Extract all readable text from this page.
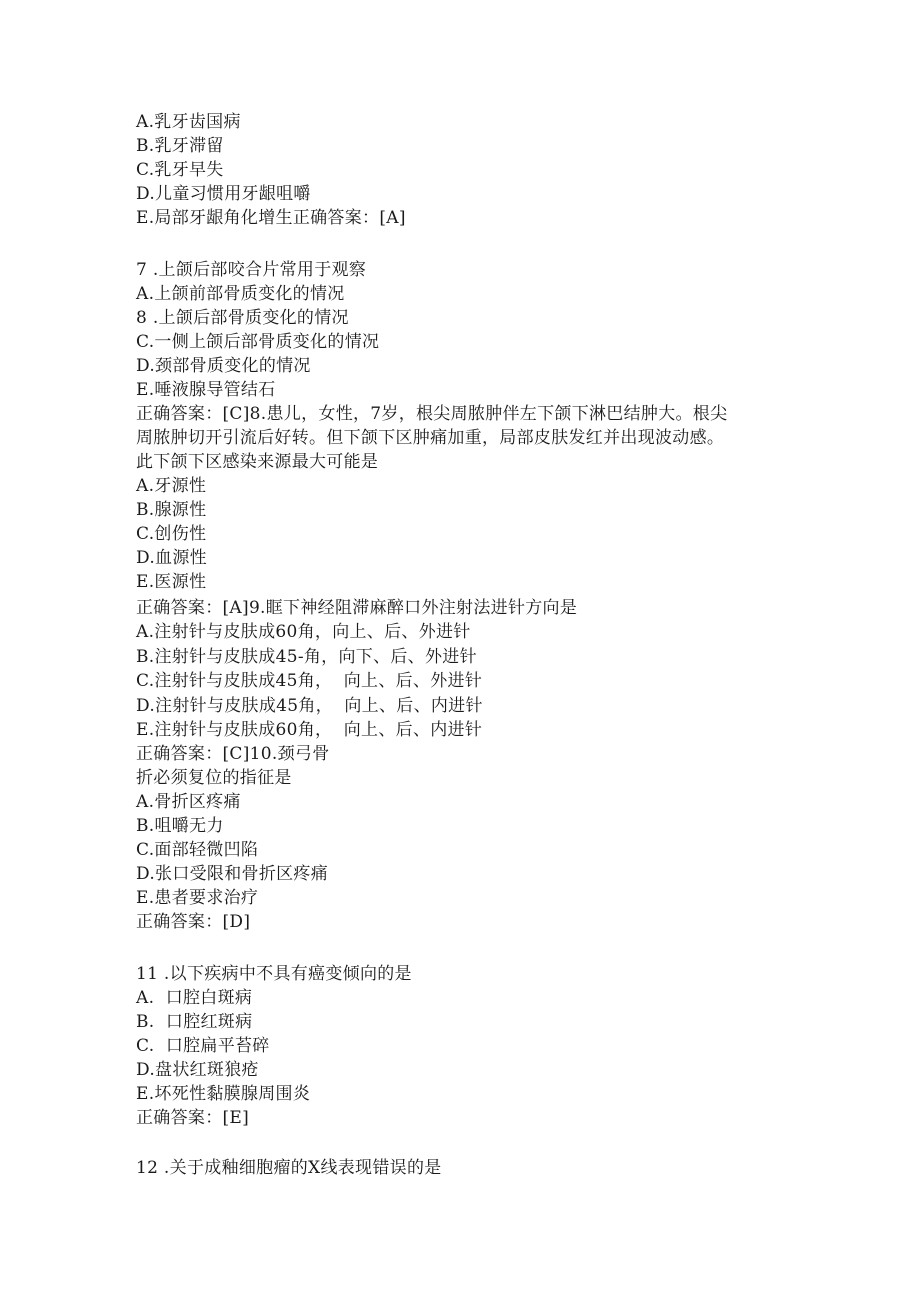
A.乳牙齿国病
B.乳牙滞留
C.乳牙早失
D.儿童习惯用牙龈咀嚼
E.局部牙龈角化增生正确答案：[A]
7 .上颌后部咬合片常用于观察
A.上颌前部骨质变化的情况
8 .上颌后部骨质变化的情况
C.一侧上颌后部骨质变化的情况
D.颈部骨质变化的情况
E.唾液腺导管结石
正确答案：[C]8.患儿，女性，7岁，根尖周脓肿伴左下颌下淋巴结肿大。根尖
周脓肿切开引流后好转。但下颌下区肿痛加重，局部皮肤发红并出现波动感。
此下颌下区感染来源最大可能是
A.牙源性
B.腺源性
C.创伤性
D.血源性
E.医源性
正确答案：[A]9.眶下神经阻滞麻醉口外注射法进针方向是
A.注射针与皮肤成60角，向上、后、外进针
B.注射针与皮肤成45-角，向下、后、外进针
C.注射针与皮肤成45角，  向上、后、外进针
D.注射针与皮肤成45角，  向上、后、内进针
E.注射针与皮肤成60角，  向上、后、内进针
正确答案：[C]10.颈弓骨
折必须复位的指征是
A.骨折区疼痛
B.咀嚼无力
C.面部轻微凹陷
D.张口受限和骨折区疼痛
E.患者要求治疗
正确答案：[D]
11 .以下疾病中不具有癌变倾向的是
A.  口腔白斑病
B.  口腔红斑病
C.  口腔扁平苔碎
D.盘状红斑狼疮
E.坏死性黏膜腺周围炎
正确答案：[E]
12 .关于成釉细胞瘤的X线表现错误的是
